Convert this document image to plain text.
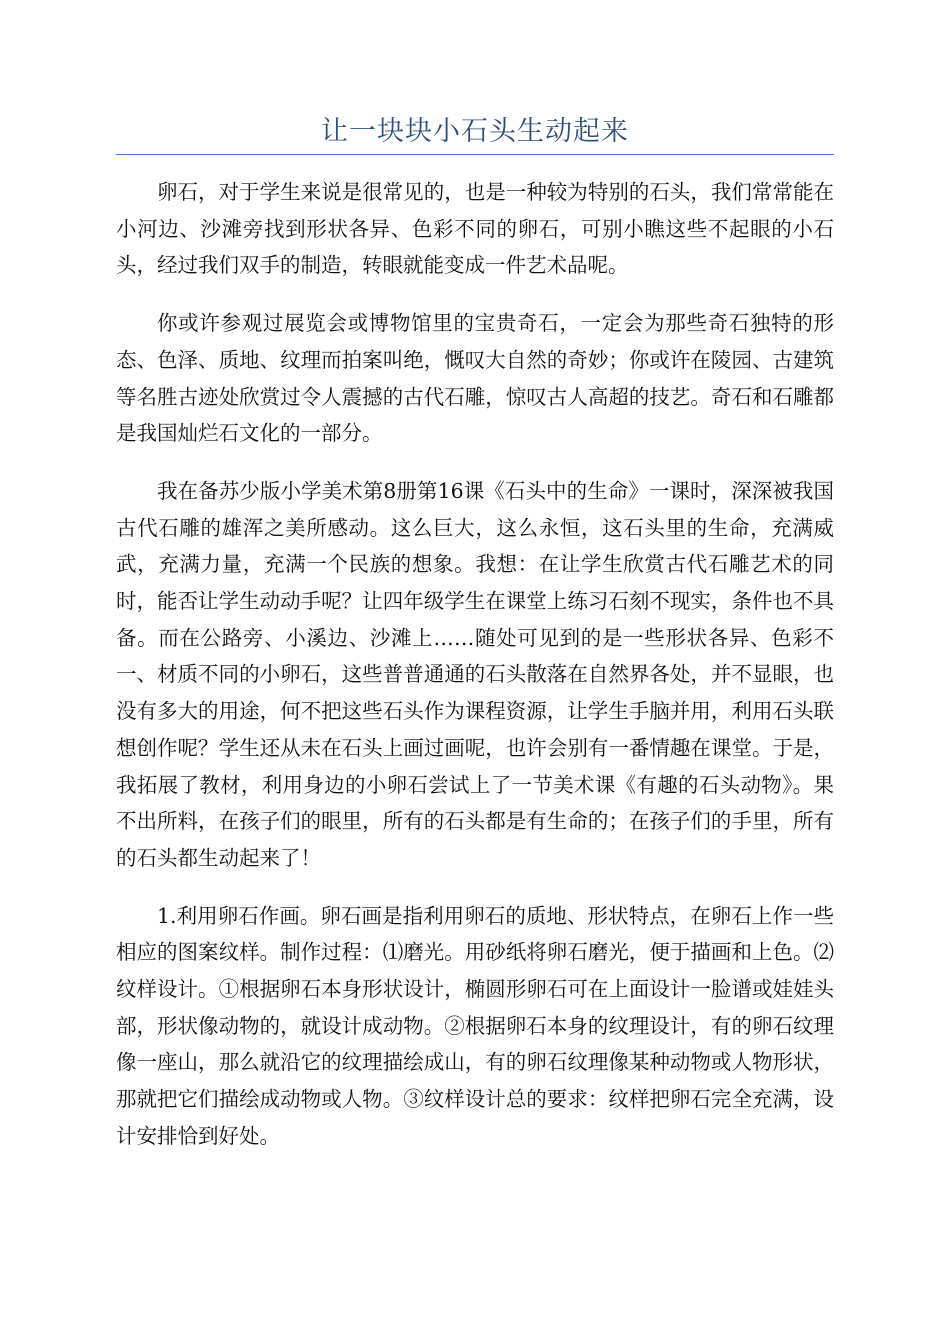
让一块块小石头生动起来

卵石，对于学生来说是很常见的，也是一种较为特别的石头，我们常常能在小河边、沙滩旁找到形状各异、色彩不同的卵石，可别小瞧这些不起眼的小石头，经过我们双手的制造，转眼就能变成一件艺术品呢。

你或许参观过展览会或博物馆里的宝贵奇石，一定会为那些奇石独特的形态、色泽、质地、纹理而拍案叫绝，慨叹大自然的奇妙；你或许在陵园、古建筑等名胜古迹处欣赏过令人震撼的古代石雕，惊叹古人高超的技艺。奇石和石雕都是我国灿烂石文化的一部分。

我在备苏少版小学美术第8册第16课《石头中的生命》一课时，深深被我国古代石雕的雄浑之美所感动。这么巨大，这么永恒，这石头里的生命，充满威武，充满力量，充满一个民族的想象。我想：在让学生欣赏古代石雕艺术的同时，能否让学生动动手呢？让四年级学生在课堂上练习石刻不现实，条件也不具备。而在公路旁、小溪边、沙滩上……随处可见到的是一些形状各异、色彩不一、材质不同的小卵石，这些普普通通的石头散落在自然界各处，并不显眼，也没有多大的用途，何不把这些石头作为课程资源，让学生手脑并用，利用石头联想创作呢？学生还从未在石头上画过画呢，也许会别有一番情趣在课堂。于是，我拓展了教材，利用身边的小卵石尝试上了一节美术课《有趣的石头动物》。果不出所料，在孩子们的眼里，所有的石头都是有生命的；在孩子们的手里，所有的石头都生动起来了！

1.利用卵石作画。卵石画是指利用卵石的质地、形状特点，在卵石上作一些相应的图案纹样。制作过程：⑴磨光。用砂纸将卵石磨光，便于描画和上色。⑵纹样设计。①根据卵石本身形状设计，椭圆形卵石可在上面设计一脸谱或娃娃头部，形状像动物的，就设计成动物。②根据卵石本身的纹理设计，有的卵石纹理像一座山，那么就沿它的纹理描绘成山，有的卵石纹理像某种动物或人物形状，那就把它们描绘成动物或人物。③纹样设计总的要求：纹样把卵石完全充满，设计安排恰到好处。
